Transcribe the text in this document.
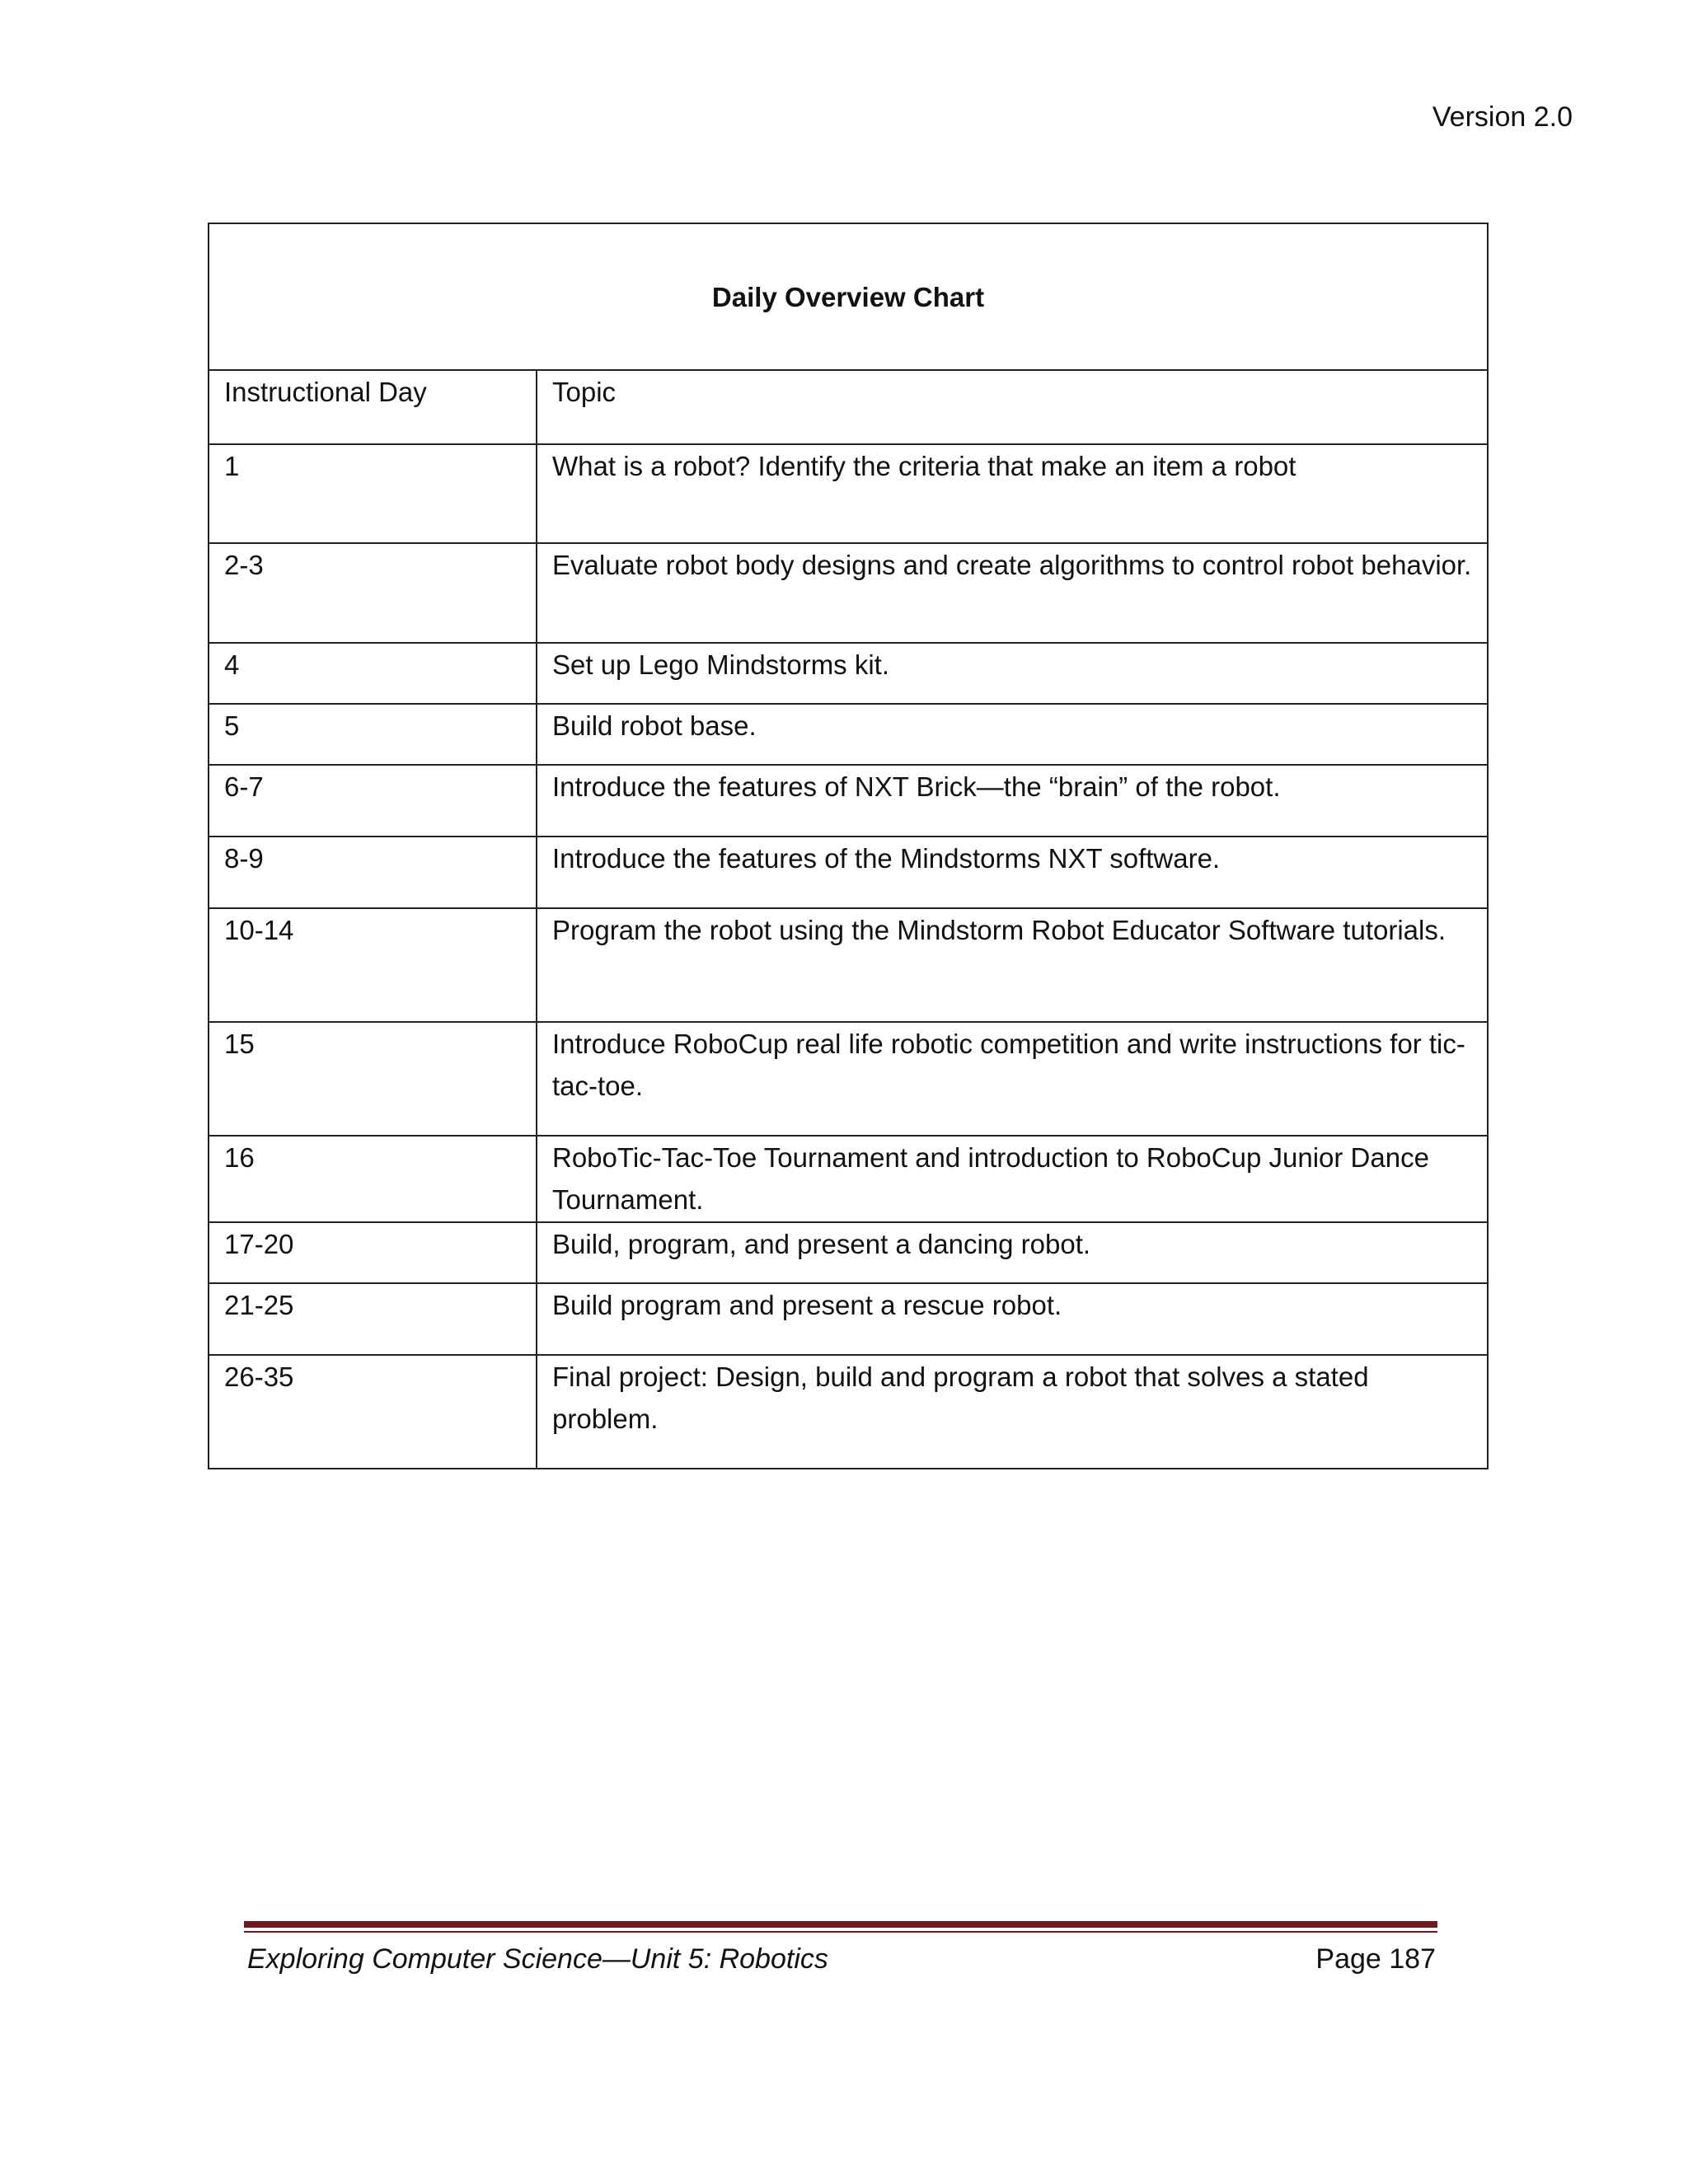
Version 2.0
Daily Overview Chart	
Instructional Day	Topic
1	What is a robot? Identify the criteria that make an item a robot
2-3	Evaluate robot body designs and create algorithms to control robot behavior.
4	Set up Lego Mindstorms kit.
5	Build robot base.
6-7	Introduce the features of NXT Brick—the “brain” of the robot.
8-9	Introduce the features of the Mindstorms NXT software.
10-14	Program the robot using the Mindstorm Robot Educator Software tutorials.
15	Introduce RoboCup real life robotic competition and write instructions for tic-tac-toe.
16	RoboTic-Tac-Toe Tournament and introduction to RoboCup Junior Dance Tournament.
17-20	Build, program, and present a dancing robot.
21-25	Build program and present a rescue robot.
26-35	Final project: Design, build and program a robot that solves a stated problem.
Exploring Computer Science—Unit 5: Robotics	Page 187
